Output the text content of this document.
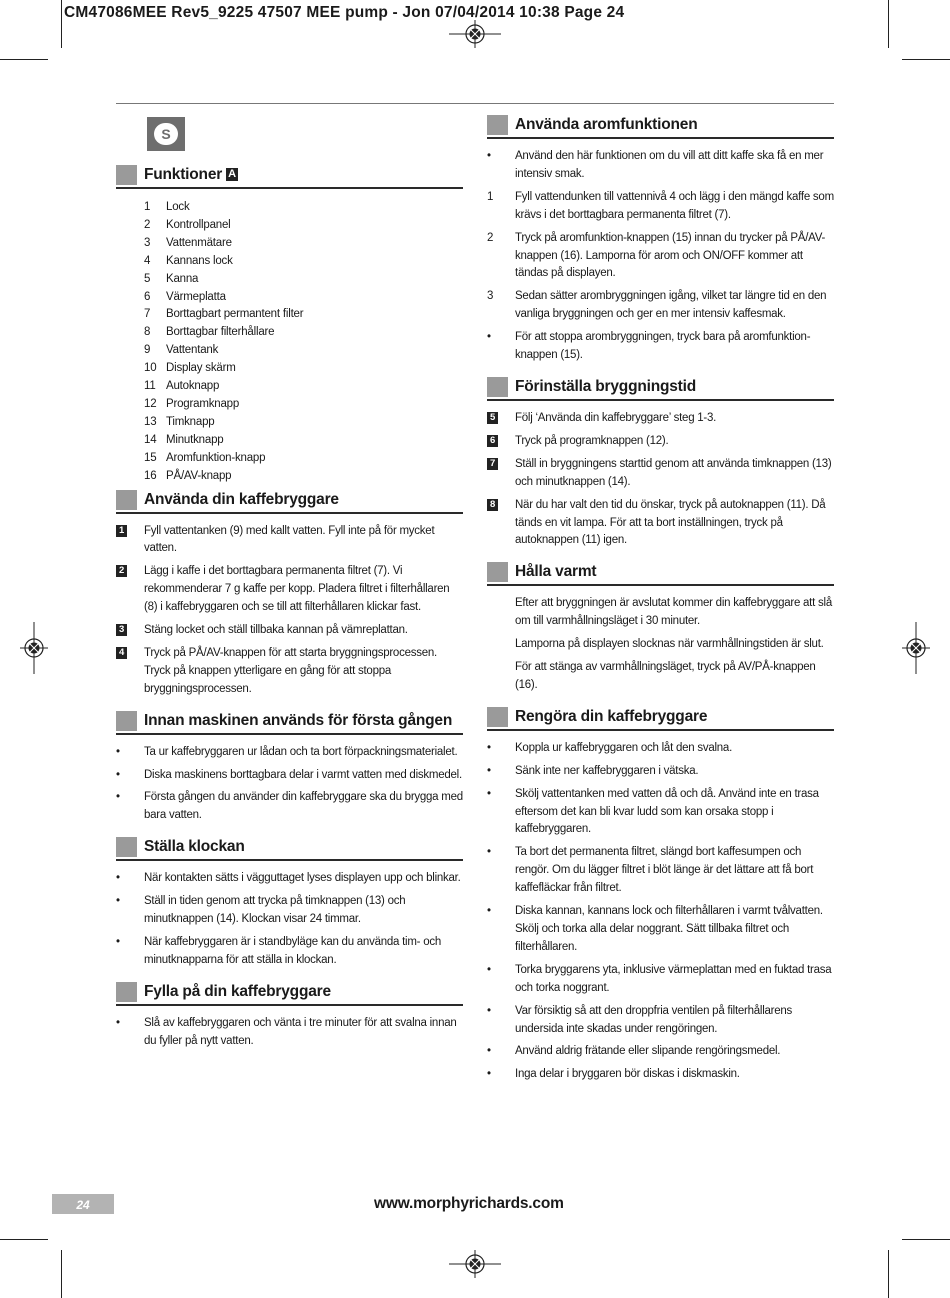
CM47086MEE Rev5_9225 47507 MEE pump - Jon 07/04/2014 10:38 Page 24
S
Funktioner A
1 Lock
2 Kontrollpanel
3 Vattenmätare
4 Kannans lock
5 Kanna
6 Värmeplatta
7 Borttagbart permantent filter
8 Borttagbar filterhållare
9 Vattentank
10 Display skärm
11 Autoknapp
12 Programknapp
13 Timknapp
14 Minutknapp
15 Aromfunktion-knapp
16 PÅ/AV-knapp
Använda din kaffebryggare
1 Fyll vattentanken (9) med kallt vatten. Fyll inte på för mycket vatten.
2 Lägg i kaffe i det borttagbara permanenta filtret (7). Vi rekommenderar 7 g kaffe per kopp. Pladera filtret i filterhållaren (8) i kaffebryggaren och se till att filterhållaren klickar fast.
3 Stäng locket och ställ tillbaka kannan på vämreplattan.
4 Tryck på PÅ/AV-knappen för att starta bryggningsprocessen. Tryck på knappen ytterligare en gång för att stoppa bryggningsprocessen.
Innan maskinen används för första gången
• Ta ur kaffebryggaren ur lådan och ta bort förpackningsmaterialet.
• Diska maskinens borttagbara delar i varmt vatten med diskmedel.
• Första gången du använder din kaffebryggare ska du brygga med bara vatten.
Ställa klockan
• När kontakten sätts i vägguttaget lyses displayen upp och blinkar.
• Ställ in tiden genom att trycka på timknappen (13) och minutknappen (14). Klockan visar 24 timmar.
• När kaffebryggaren är i standbyläge kan du använda tim- och minutknapparna för att ställa in klockan.
Fylla på din kaffebryggare
• Slå av kaffebryggaren och vänta i tre minuter för att svalna innan du fyller på nytt vatten.
Använda aromfunktionen
• Använd den här funktionen om du vill att ditt kaffe ska få en mer intensiv smak.
1 Fyll vattendunken till vattennivå 4 och lägg i den mängd kaffe som krävs i det borttagbara permanenta filtret (7).
2 Tryck på aromfunktion-knappen (15) innan du trycker på PÅ/AV-knappen (16). Lamporna för arom och ON/OFF kommer att tändas på displayen.
3 Sedan sätter arombryggningen igång, vilket tar längre tid en den vanliga bryggningen och ger en mer intensiv kaffesmak.
• För att stoppa arombryggningen, tryck bara på aromfunktion-knappen (15).
Förinställa bryggningstid
5 Följ ‘Använda din kaffebryggare’ steg 1-3.
6 Tryck på programknappen (12).
7 Ställ in bryggningens starttid genom att använda timknappen (13) och minutknappen (14).
8 När du har valt den tid du önskar, tryck på autoknappen (11). Då tänds en vit lampa. För att ta bort inställningen, tryck på autoknappen (11) igen.
Hålla varmt
Efter att bryggningen är avslutat kommer din kaffebryggare att slå om till varmhållningsläget i 30 minuter.
Lamporna på displayen slocknas när varmhållningstiden är slut.
För att stänga av varmhållningsläget, tryck på AV/PÅ-knappen (16).
Rengöra din kaffebryggare
• Koppla ur kaffebryggaren och låt den svalna.
• Sänk inte ner kaffebryggaren i vätska.
• Skölj vattentanken med vatten då och då. Använd inte en trasa eftersom det kan bli kvar ludd som kan orsaka stopp i kaffebryggaren.
• Ta bort det permanenta filtret, slängd bort kaffesumpen och rengör. Om du lägger filtret i blöt länge är det lättare att få bort kaffefläckar från filtret.
• Diska kannan, kannans lock och filterhållaren i varmt tvålvatten. Skölj och torka alla delar noggrant. Sätt tillbaka filtret och filterhållaren.
• Torka bryggarens yta, inklusive värmeplattan med en fuktad trasa och torka noggrant.
• Var försiktig så att den droppfria ventilen på filterhållarens undersida inte skadas under rengöringen.
• Använd aldrig frätande eller slipande rengöringsmedel.
• Inga delar i bryggaren bör diskas i diskmaskin.
24	www.morphyrichards.com
